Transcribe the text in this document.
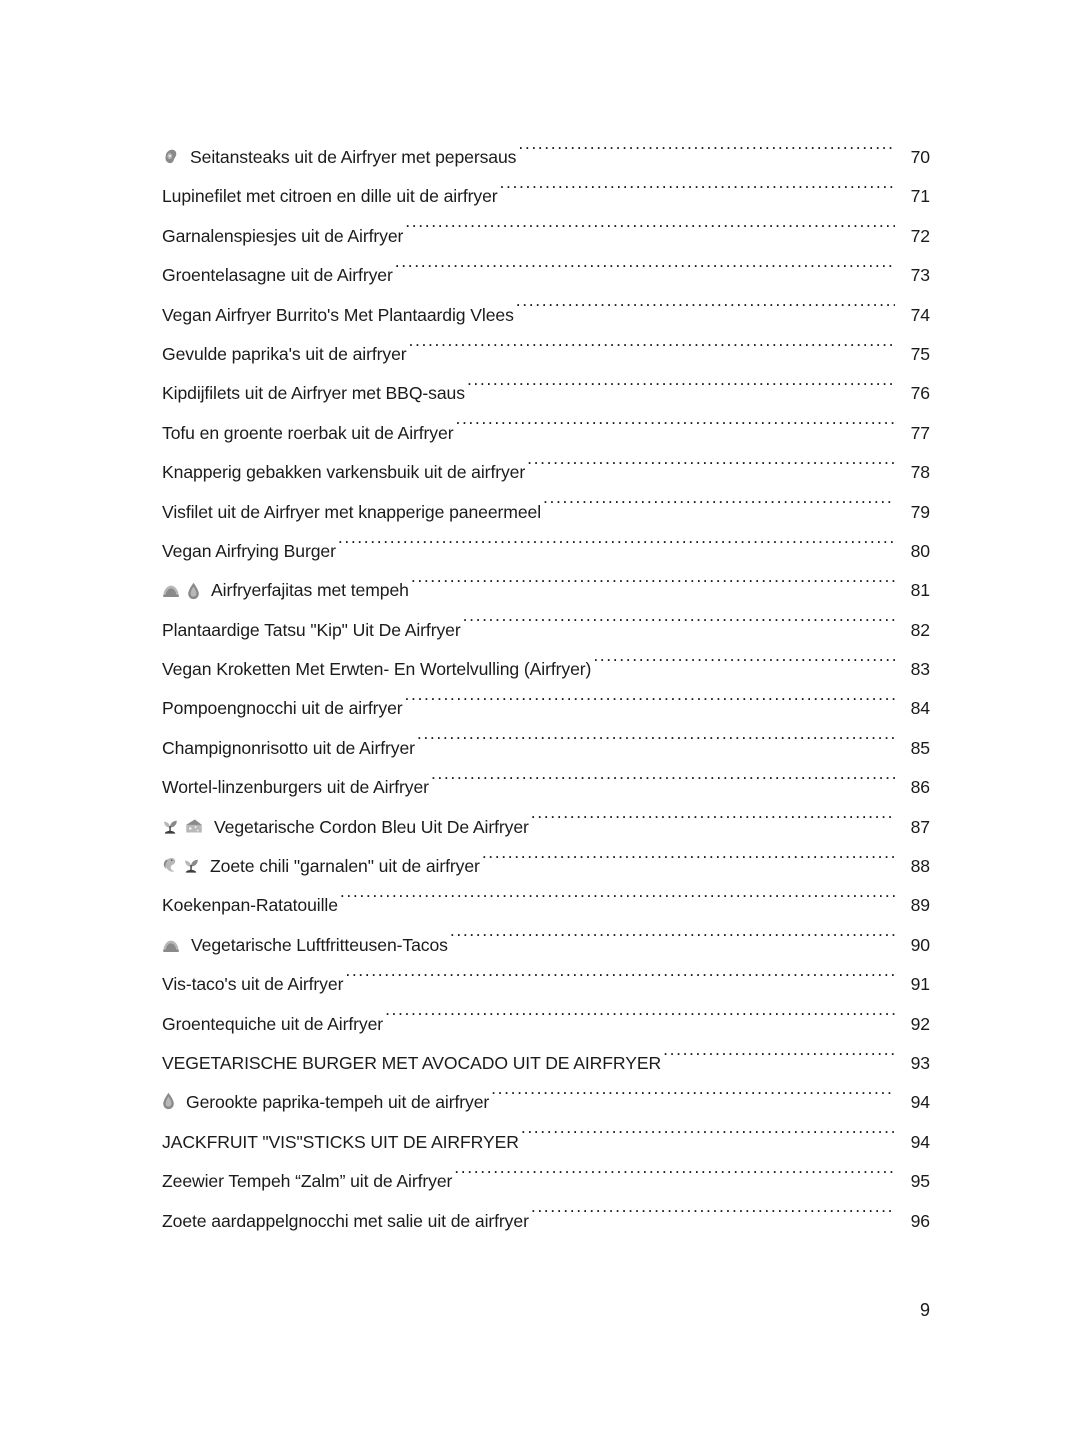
Seitansteaks uit de Airfryer met pepersaus .....	70
Lupinefilet met citroen en dille uit de airfryer .....	71
Garnalenspiesjes uit de Airfryer .....	72
Groentelasagne uit de Airfryer .....	73
Vegan Airfryer Burrito's Met Plantaardig Vlees .....	74
Gevulde paprika's uit de airfryer .....	75
Kipdijfilets uit de Airfryer met BBQ-saus .....	76
Tofu en groente roerbak uit de Airfryer .....	77
Knapperig gebakken varkensbuik uit de airfryer .....	78
Visfilet uit de Airfryer met knapperige paneermeel .....	79
Vegan Airfrying Burger .....	80
Airfryerfajitas met tempeh .....	81
Plantaardige Tatsu "Kip" Uit De Airfryer .....	82
Vegan Kroketten Met Erwten- En Wortelvulling (Airfryer) .....	83
Pompoengnocchi uit de airfryer .....	84
Champignonrisotto uit de Airfryer .....	85
Wortel-linzenburgers uit de Airfryer .....	86
Vegetarische Cordon Bleu Uit De Airfryer .....	87
Zoete chili "garnalen" uit de airfryer .....	88
Koekenpan-Ratatouille .....	89
Vegetarische Luftfritteusen-Tacos .....	90
Vis-taco's uit de Airfryer .....	91
Groentequiche uit de Airfryer .....	92
VEGETARISCHE BURGER MET AVOCADO UIT DE AIRFRYER .....	93
Gerookte paprika-tempeh uit de airfryer .....	94
JACKFRUIT "VIS"STICKS UIT DE AIRFRYER .....	94
Zeewier Tempeh “Zalm” uit de Airfryer .....	95
Zoete aardappelgnocchi met salie uit de airfryer .....	96
9
